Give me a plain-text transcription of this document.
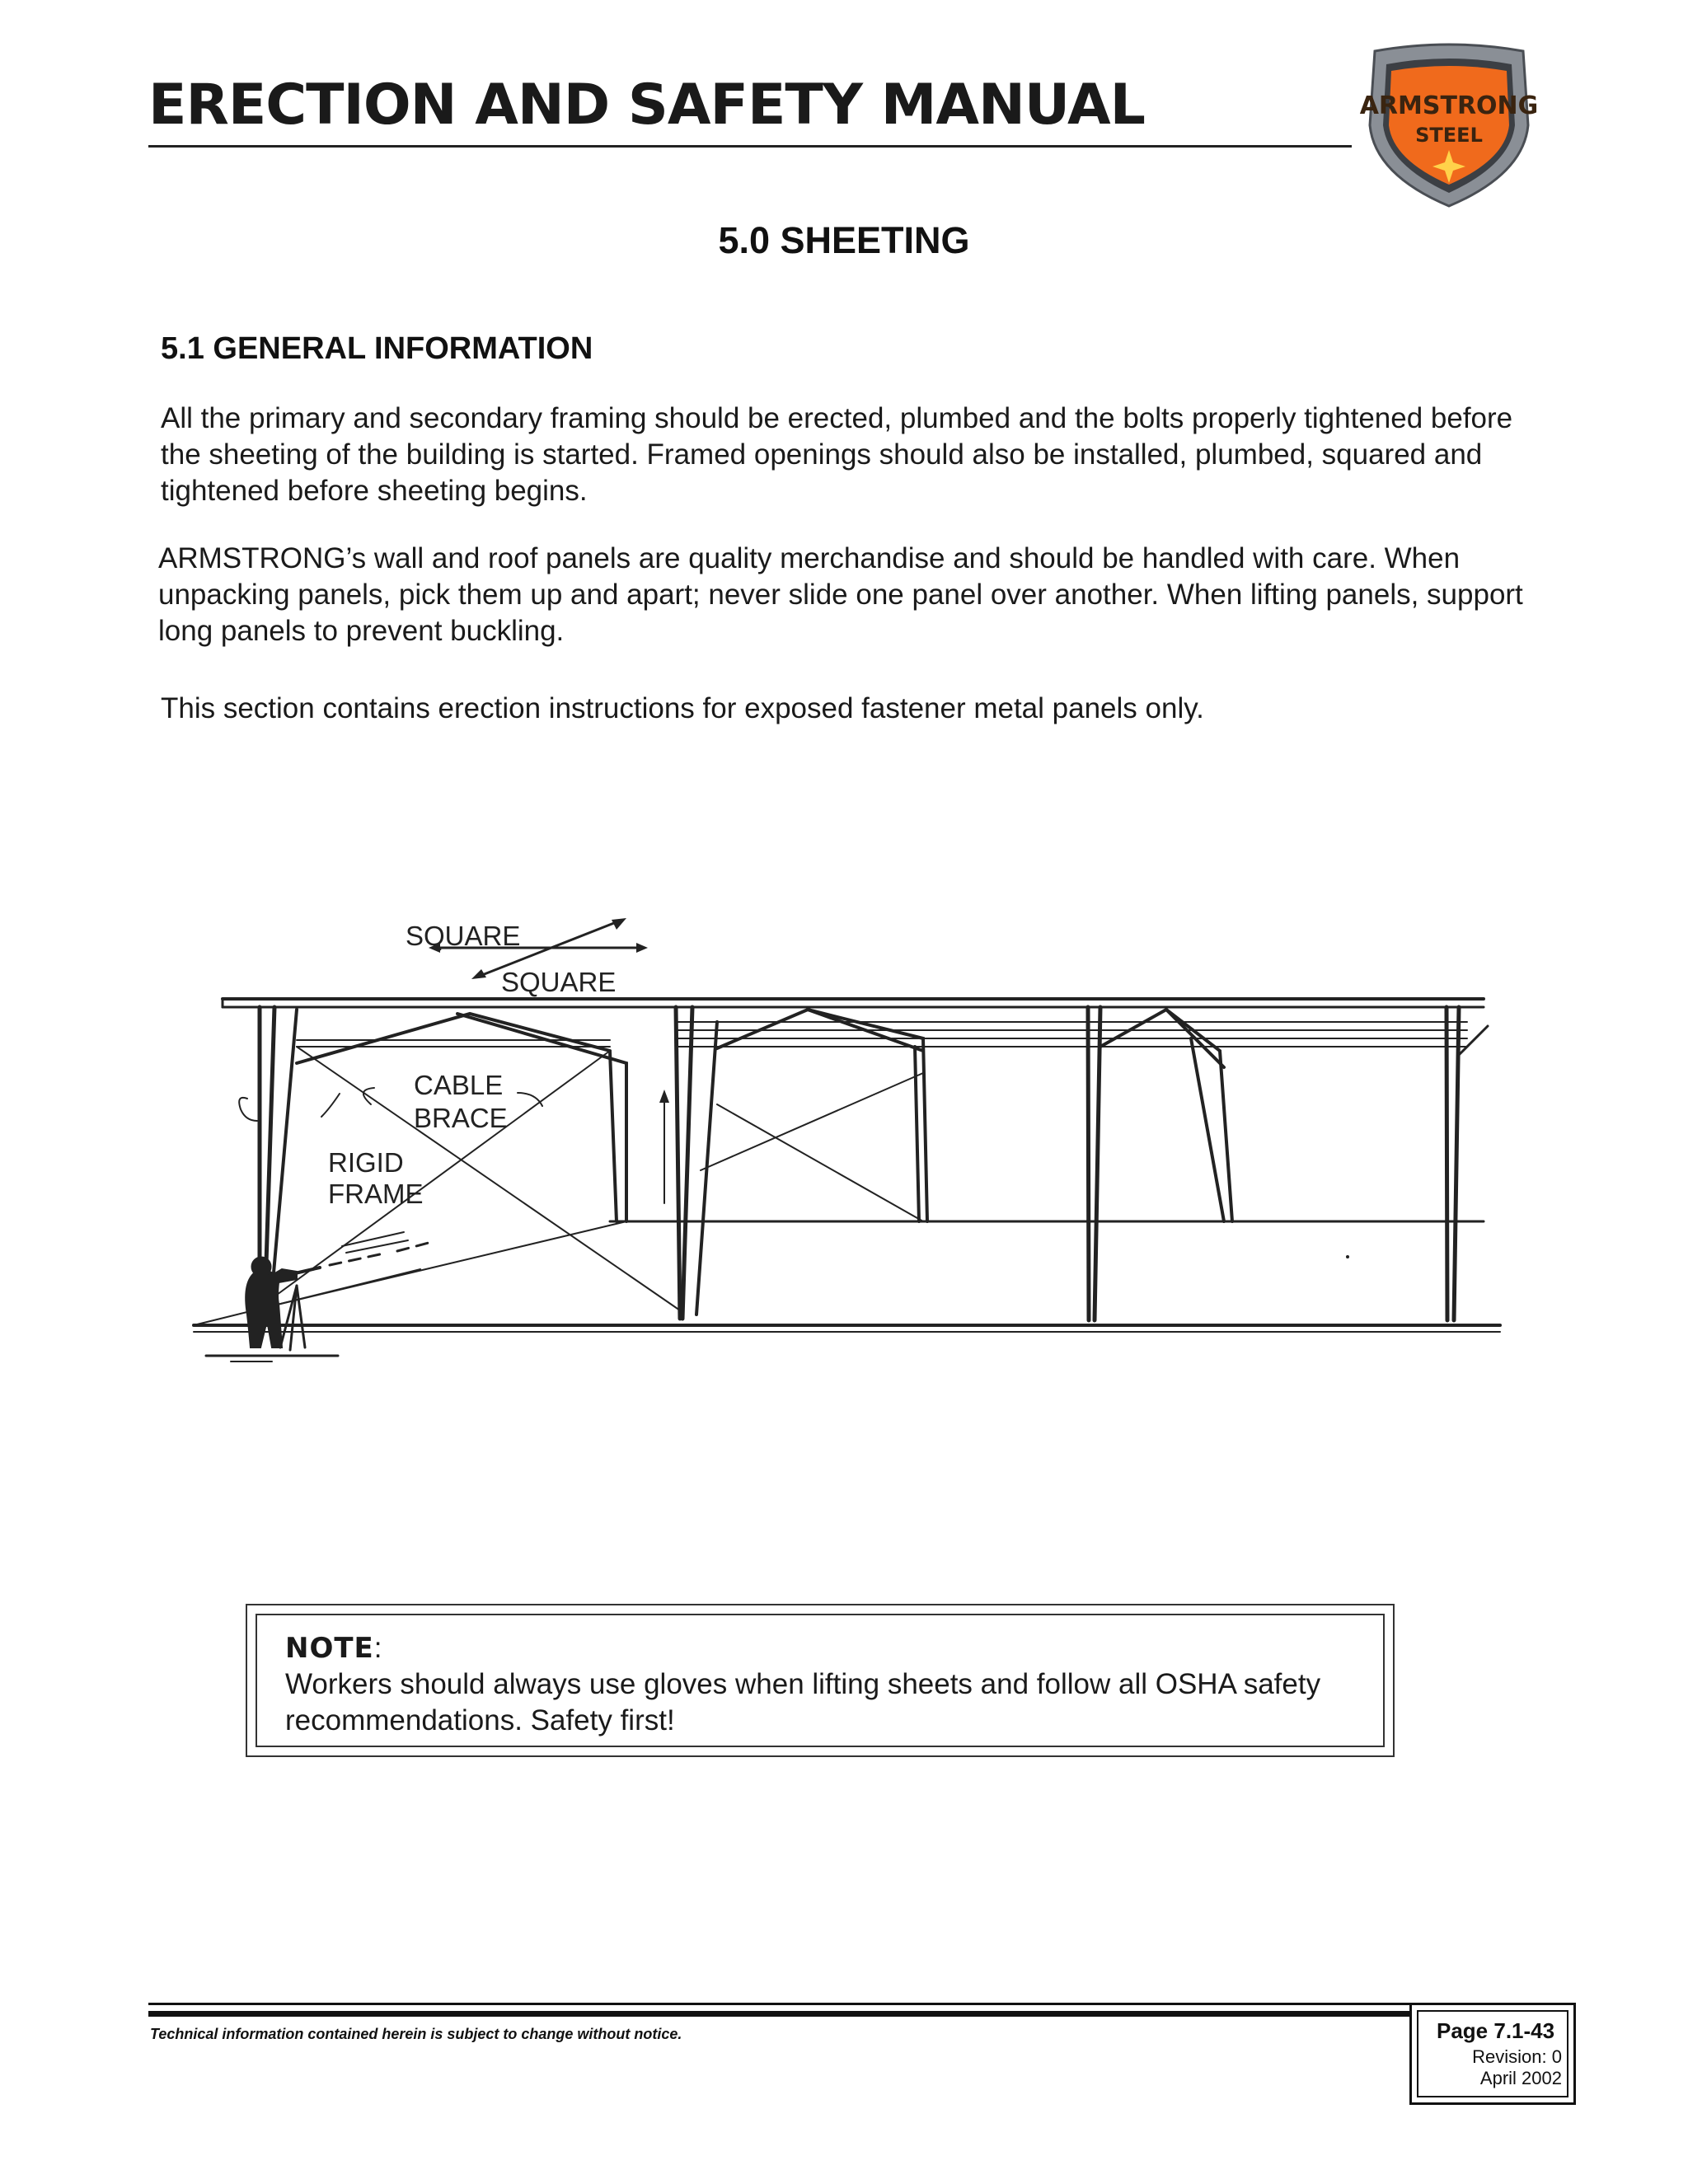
ERECTION AND SAFETY MANUAL	ARMSTRONG
STEEL
5.0 SHEETING
5.1 GENERAL INFORMATION
All the primary and secondary framing should be erected, plumbed and the bolts properly tightened before the sheeting of the building is started. Framed openings should also be installed, plumbed, squared and tightened before sheeting begins.
ARMSTRONG’s wall and roof panels are quality merchandise and should be handled with care. When unpacking panels, pick them up and apart; never slide one panel over another. When lifting panels, support long panels to prevent buckling.
This section contains erection instructions for exposed fastener metal panels only.
SQUARE
SQUARE
CABLE
BRACE
RIGID
FRAME
NOTE:
Workers should always use gloves when lifting sheets and follow all OSHA safety recommendations. Safety first!
Technical information contained herein is subject to change without notice.	Page 7.1-43
Revision: 0
April 2002
